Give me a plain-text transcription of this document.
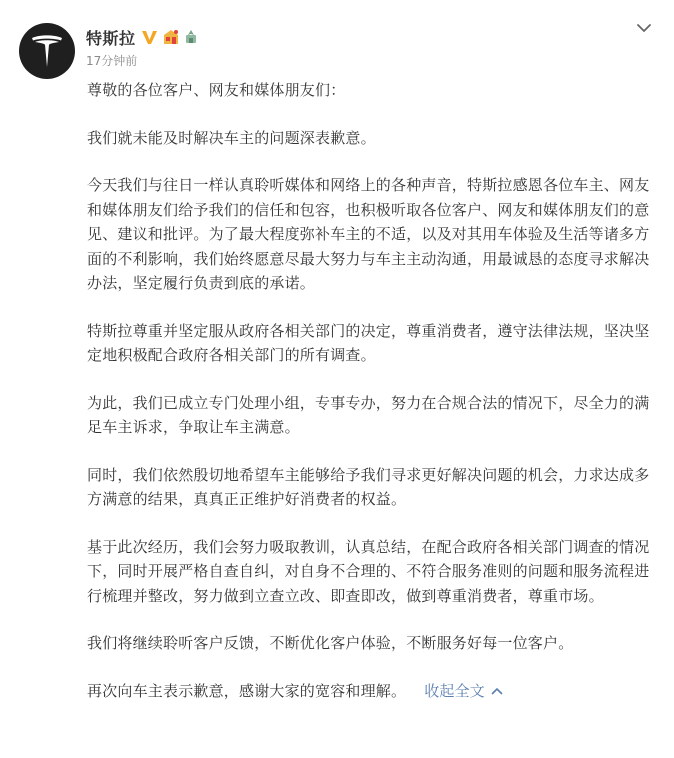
特斯拉
17分钟前

尊敬的各位客户、网友和媒体朋友们：

我们就未能及时解决车主的问题深表歉意。

今天我们与往日一样认真聆听媒体和网络上的各种声音，特斯拉感恩各位车主、网友和媒体朋友们给予我们的信任和包容，也积极听取各位客户、网友和媒体朋友们的意见、建议和批评。为了最大程度弥补车主的不适，以及对其用车体验及生活等诸多方面的不利影响，我们始终愿意尽最大努力与车主主动沟通，用最诚恳的态度寻求解决办法，坚定履行负责到底的承诺。

特斯拉尊重并坚定服从政府各相关部门的决定，尊重消费者，遵守法律法规，坚决坚定地积极配合政府各相关部门的所有调查。

为此，我们已成立专门处理小组，专事专办，努力在合规合法的情况下，尽全力的满足车主诉求，争取让车主满意。

同时，我们依然殷切地希望车主能够给予我们寻求更好解决问题的机会，力求达成多方满意的结果，真真正正维护好消费者的权益。

基于此次经历，我们会努力吸取教训，认真总结，在配合政府各相关部门调查的情况下，同时开展严格自查自纠，对自身不合理的、不符合服务准则的问题和服务流程进行梳理并整改，努力做到立查立改、即查即改，做到尊重消费者，尊重市场。

我们将继续聆听客户反馈，不断优化客户体验，不断服务好每一位客户。

再次向车主表示歉意，感谢大家的宽容和理解。 收起全文
